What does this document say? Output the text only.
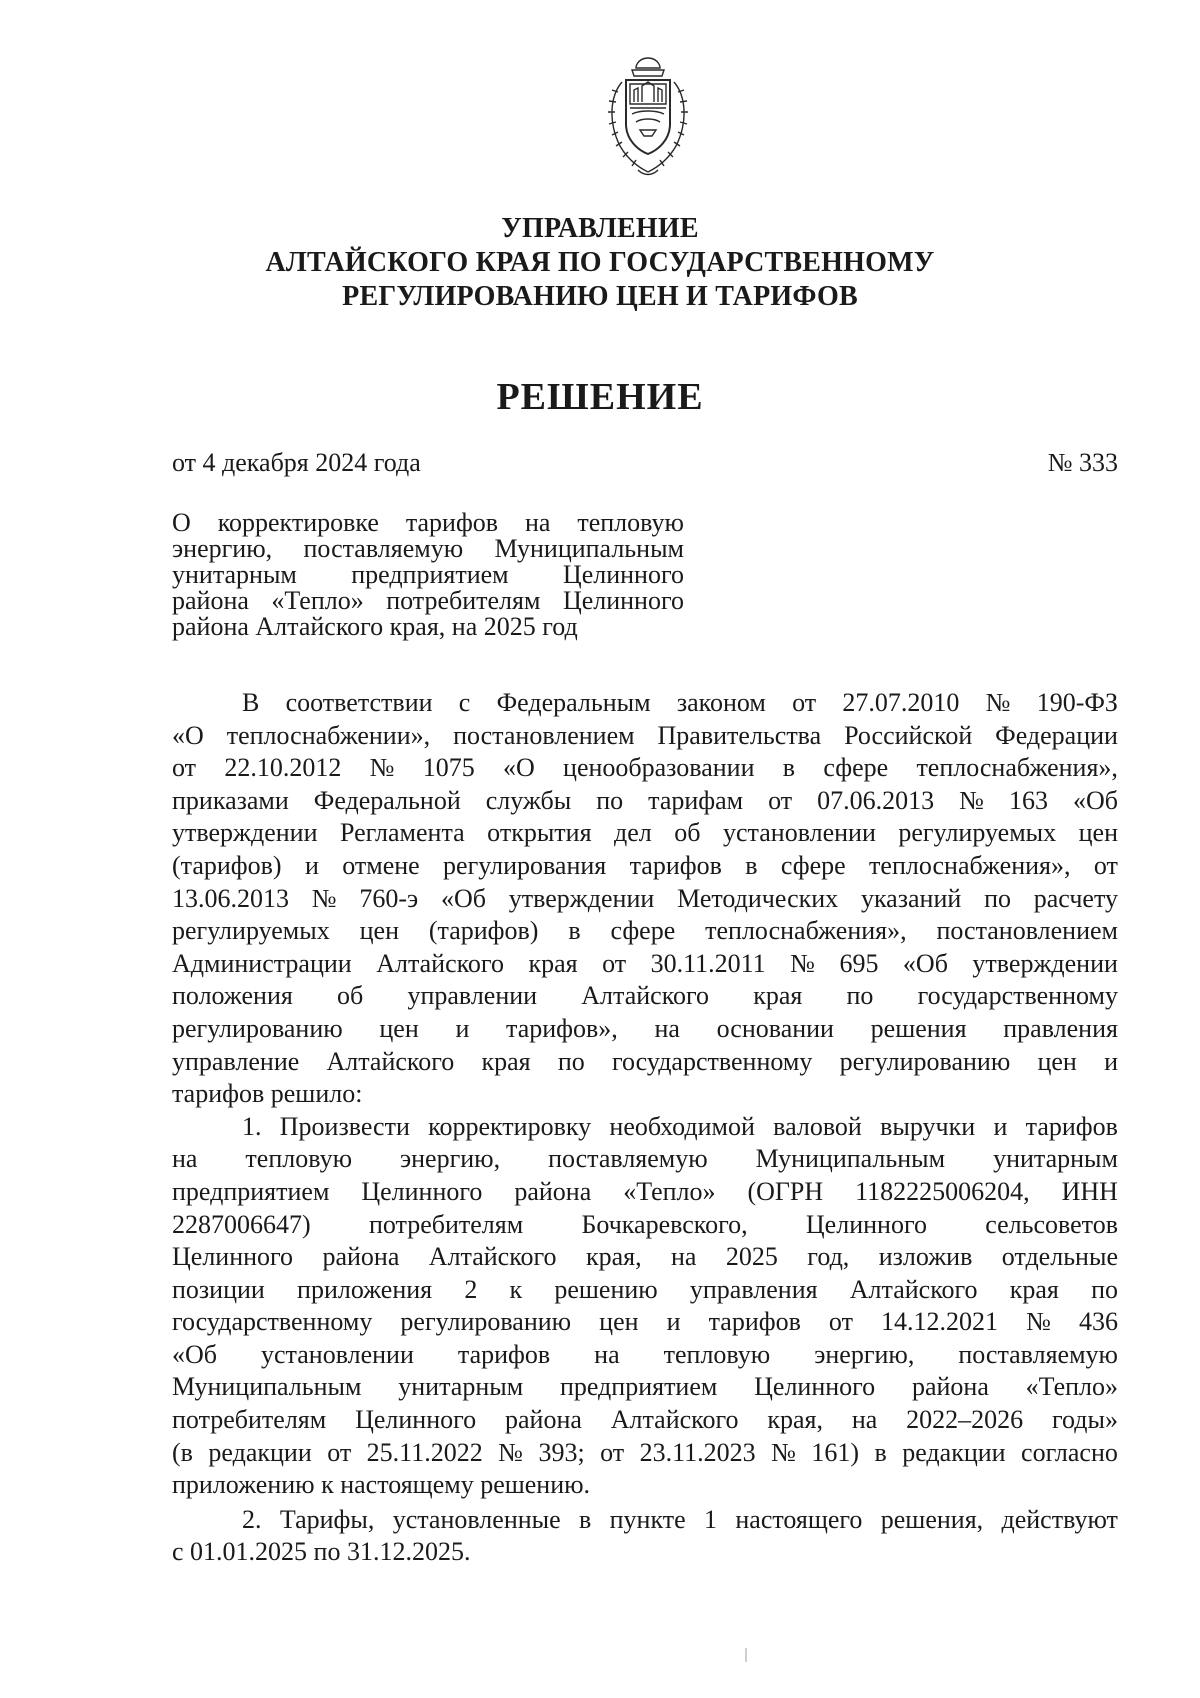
УПРАВЛЕНИЕ
АЛТАЙСКОГО КРАЯ ПО ГОСУДАРСТВЕННОМУ
РЕГУЛИРОВАНИЮ ЦЕН И ТАРИФОВ
РЕШЕНИЕ
от 4 декабря 2024 года	№ 333
О корректировке тарифов на тепловую
энергию, поставляемую Муниципальным
унитарным предприятием Целинного
района «Тепло» потребителям Целинного
района Алтайского края, на 2025 год
В соответствии с Федеральным законом от 27.07.2010 № 190-ФЗ
«О теплоснабжении», постановлением Правительства Российской Федерации
от 22.10.2012 № 1075 «О ценообразовании в сфере теплоснабжения»,
приказами Федеральной службы по тарифам от 07.06.2013 № 163 «Об
утверждении Регламента открытия дел об установлении регулируемых цен
(тарифов) и отмене регулирования тарифов в сфере теплоснабжения», от
13.06.2013 № 760-э «Об утверждении Методических указаний по расчету
регулируемых цен (тарифов) в сфере теплоснабжения», постановлением
Администрации Алтайского края от 30.11.2011 № 695 «Об утверждении
положения об управлении Алтайского края по государственному
регулированию цен и тарифов», на основании решения правления
управление Алтайского края по государственному регулированию цен и
тарифов решило:
1. Произвести корректировку необходимой валовой выручки и тарифов
на тепловую энергию, поставляемую Муниципальным унитарным
предприятием Целинного района «Тепло» (ОГРН 1182225006204, ИНН
2287006647) потребителям Бочкаревского, Целинного сельсоветов
Целинного района Алтайского края, на 2025 год, изложив отдельные
позиции приложения 2 к решению управления Алтайского края по
государственному регулированию цен и тарифов от 14.12.2021 № 436
«Об установлении тарифов на тепловую энергию, поставляемую
Муниципальным унитарным предприятием Целинного района «Тепло»
потребителям Целинного района Алтайского края, на 2022–2026 годы»
(в редакции от 25.11.2022 № 393; от 23.11.2023 № 161) в редакции согласно
приложению к настоящему решению.
2. Тарифы, установленные в пункте 1 настоящего решения, действуют
с 01.01.2025 по 31.12.2025.
